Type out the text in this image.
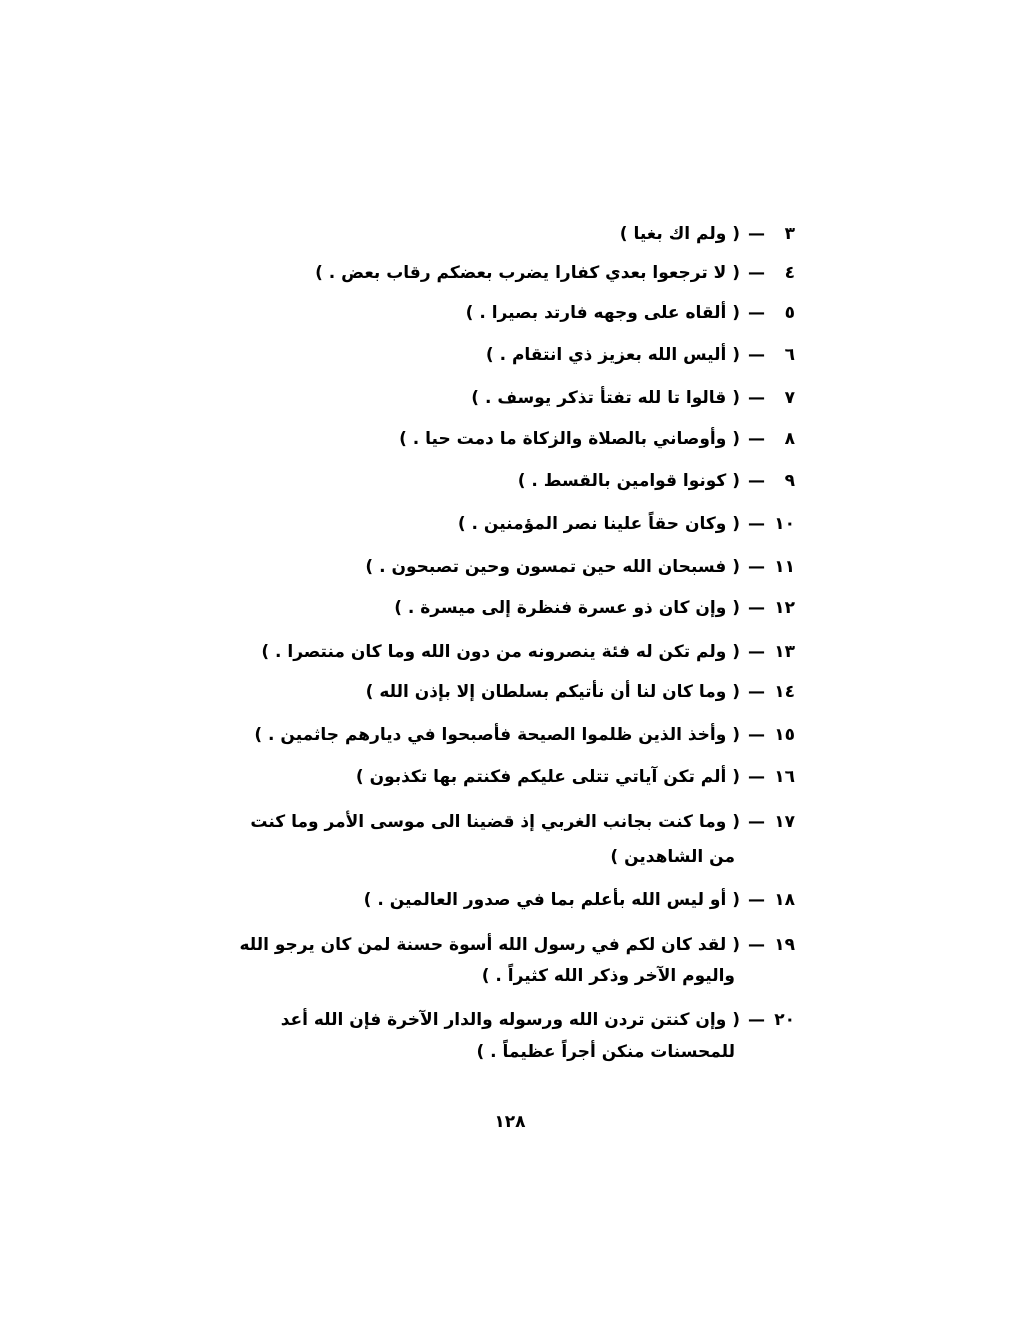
٣—( ولم اك بغيا )
٤—( لا ترجعوا بعدي كفارا يضرب بعضكم رقاب بعض . )
٥—( ألقاه على وجهه فارتد بصيرا . )
٦—( أليس الله بعزيز ذي انتقام . )
٧—( قالوا تا لله تفتأ تذكر يوسف . )
٨—( وأوصاني بالصلاة والزكاة ما دمت حيا . )
٩—( كونوا قوامين بالقسط . )
١٠—( وكان حقاً علينا نصر المؤمنين . )
١١—( فسبحان الله حين تمسون وحين تصبحون . )
١٢—( وإن كان ذو عسرة فنظرة إلى ميسرة . )
١٣—( ولم تكن له فئة ينصرونه من دون الله وما كان منتصرا . )
١٤—( وما كان لنا أن نأتيكم بسلطان إلا بإذن الله )
١٥—( وأخذ الذين ظلموا الصيحة فأصبحوا في ديارهم جاثمين . )
١٦—( ألم تكن آياتي تتلى عليكم فكنتم بها تكذبون )
١٧—( وما كنت بجانب الغربي إذ قضينا الى موسى الأمر وما كنت
من الشاهدين )
١٨—( أو ليس الله بأعلم بما في صدور العالمين . )
١٩—( لقد كان لكم في رسول الله أسوة حسنة لمن كان يرجو الله
واليوم الآخر وذكر الله كثيراً . )
٢٠—( وإن كنتن تردن الله ورسوله والدار الآخرة فإن الله أعد
للمحسنات منكن أجراً عظيماً . )
١٢٨
